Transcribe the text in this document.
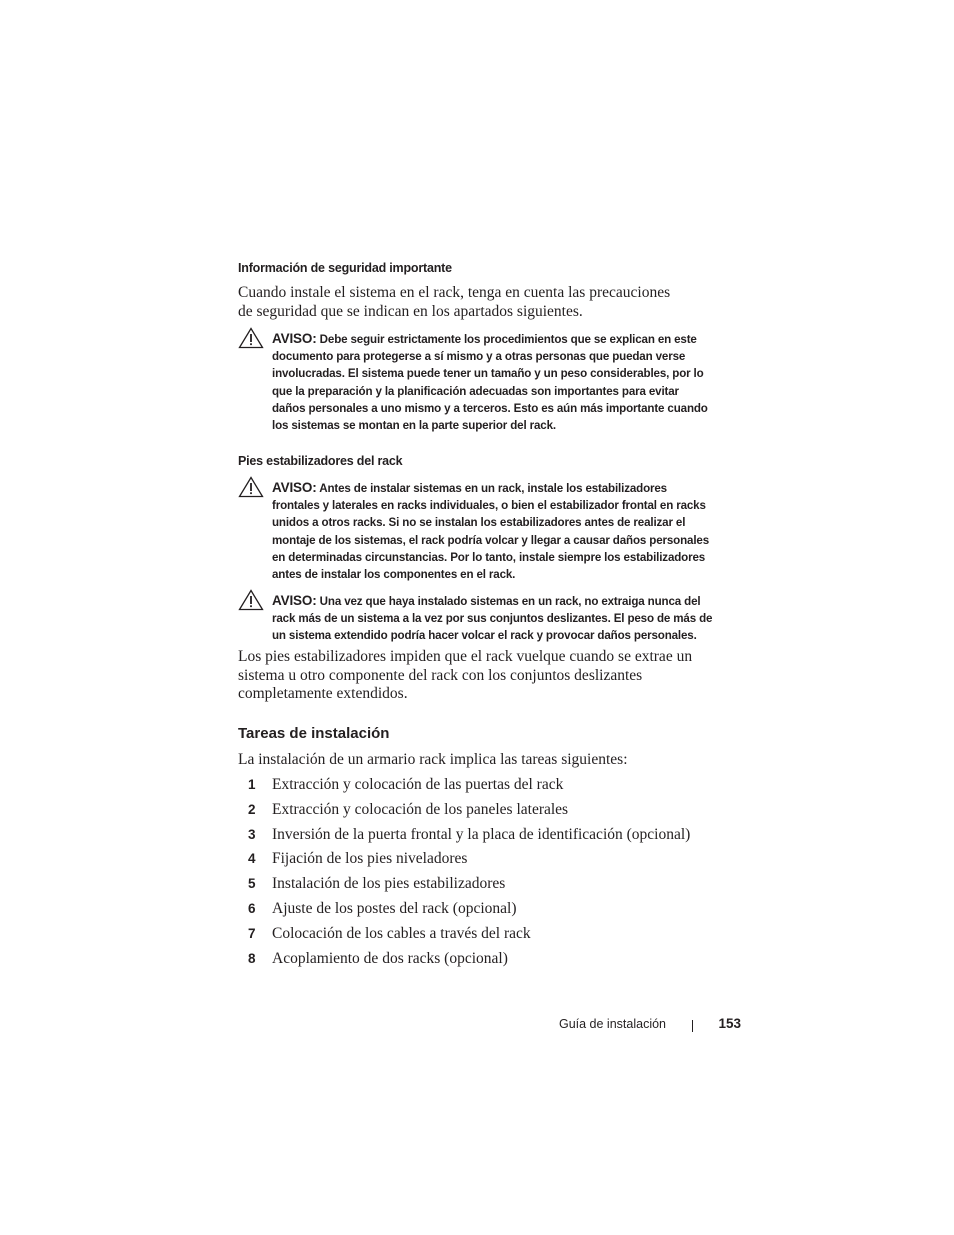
Información de seguridad importante

Cuando instale el sistema en el rack, tenga en cuenta las precauciones
de seguridad que se indican en los apartados siguientes.

AVISO: Debe seguir estrictamente los procedimientos que se explican en este
documento para protegerse a sí mismo y a otras personas que puedan verse
involucradas. El sistema puede tener un tamaño y un peso considerables, por lo
que la preparación y la planificación adecuadas son importantes para evitar
daños personales a uno mismo y a terceros. Esto es aún más importante cuando
los sistemas se montan en la parte superior del rack.
Pies estabilizadores del rack
AVISO: Antes de instalar sistemas en un rack, instale los estabilizadores
frontales y laterales en racks individuales, o bien el estabilizador frontal en racks
unidos a otros racks. Si no se instalan los estabilizadores antes de realizar el
montaje de los sistemas, el rack podría volcar y llegar a causar daños personales
en determinadas circunstancias. Por lo tanto, instale siempre los estabilizadores
antes de instalar los componentes en el rack.
AVISO: Una vez que haya instalado sistemas en un rack, no extraiga nunca del
rack más de un sistema a la vez por sus conjuntos deslizantes. El peso de más de
un sistema extendido podría hacer volcar el rack y provocar daños personales.

Los pies estabilizadores impiden que el rack vuelque cuando se extrae un
sistema u otro componente del rack con los conjuntos deslizantes
completamente extendidos.

Tareas de instalación

La instalación de un armario rack implica las tareas siguientes:

1 Extracción y colocación de las puertas del rack
2 Extracción y colocación de los paneles laterales
3 Inversión de la puerta frontal y la placa de identificación (opcional)
4 Fijación de los pies niveladores
5 Instalación de los pies estabilizadores
6 Ajuste de los postes del rack (opcional)
7 Colocación de los cables a través del rack
8 Acoplamiento de dos racks (opcional)
Guía de instalación	153
